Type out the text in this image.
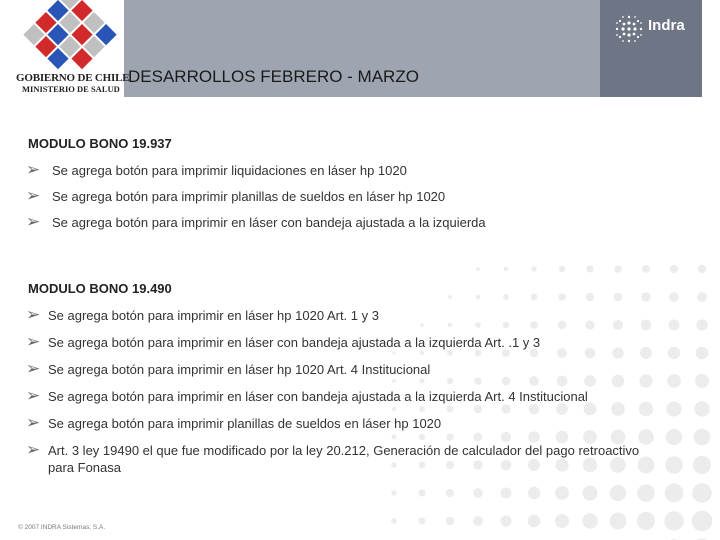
GOBIERNO DE CHILE
MINISTERIO DE SALUD
DESARROLLOS FEBRERO - MARZO
Indra
MODULO BONO 19.937
➢ Se agrega botón para imprimir liquidaciones en láser hp 1020
➢ Se agrega botón para imprimir planillas de sueldos en láser hp 1020
➢ Se agrega botón para imprimir en láser con bandeja ajustada a la izquierda
MODULO BONO 19.490
➢ Se agrega botón para imprimir en láser hp 1020 Art. 1 y 3
➢ Se agrega botón para imprimir en láser con bandeja ajustada a la izquierda Art. .1 y 3
➢ Se agrega botón para imprimir en láser hp 1020 Art. 4 Institucional
➢ Se agrega botón para imprimir en láser con bandeja ajustada a la izquierda Art. 4 Institucional
➢ Se agrega botón para imprimir planillas de sueldos en láser hp 1020
➢ Art. 3 ley 19490 el que fue modificado por la ley 20.212, Generación de calculador del pago retroactivo
para Fonasa
© 2007 INDRA Sistemas, S.A.
